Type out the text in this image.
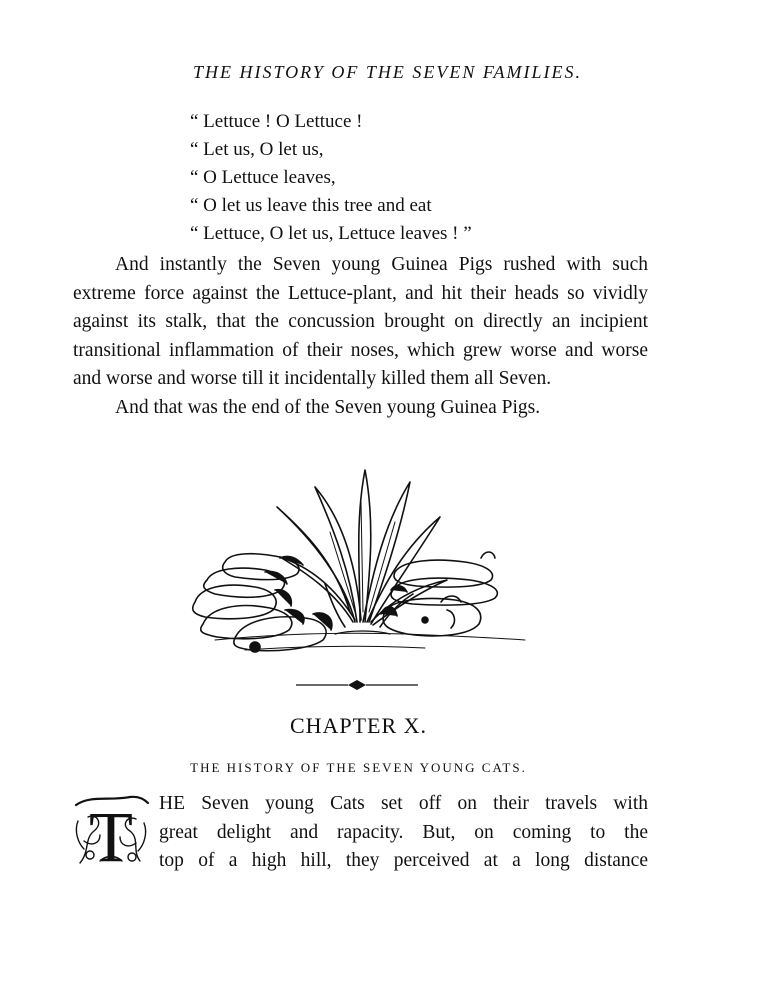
THE HISTORY OF THE SEVEN FAMILIES.
“ Lettuce ! O Lettuce !
“ Let us, O let us,
“ O Lettuce leaves,
“ O let us leave this tree and eat
“ Lettuce, O let us, Lettuce leaves ! ”

And instantly the Seven young Guinea Pigs rushed with such extreme force against the Lettuce-plant, and hit their heads so vividly against its stalk, that the concussion brought on directly an incipient transitional inflammation of their noses, which grew worse and worse and worse and worse till it incidentally killed them all Seven.

And that was the end of the Seven young Guinea Pigs.

CHAPTER X.
THE HISTORY OF THE SEVEN YOUNG CATS.
T HE Seven young Cats set off on their travels with
great delight and rapacity. But, on coming to the
top of a high hill, they perceived at a long distance
